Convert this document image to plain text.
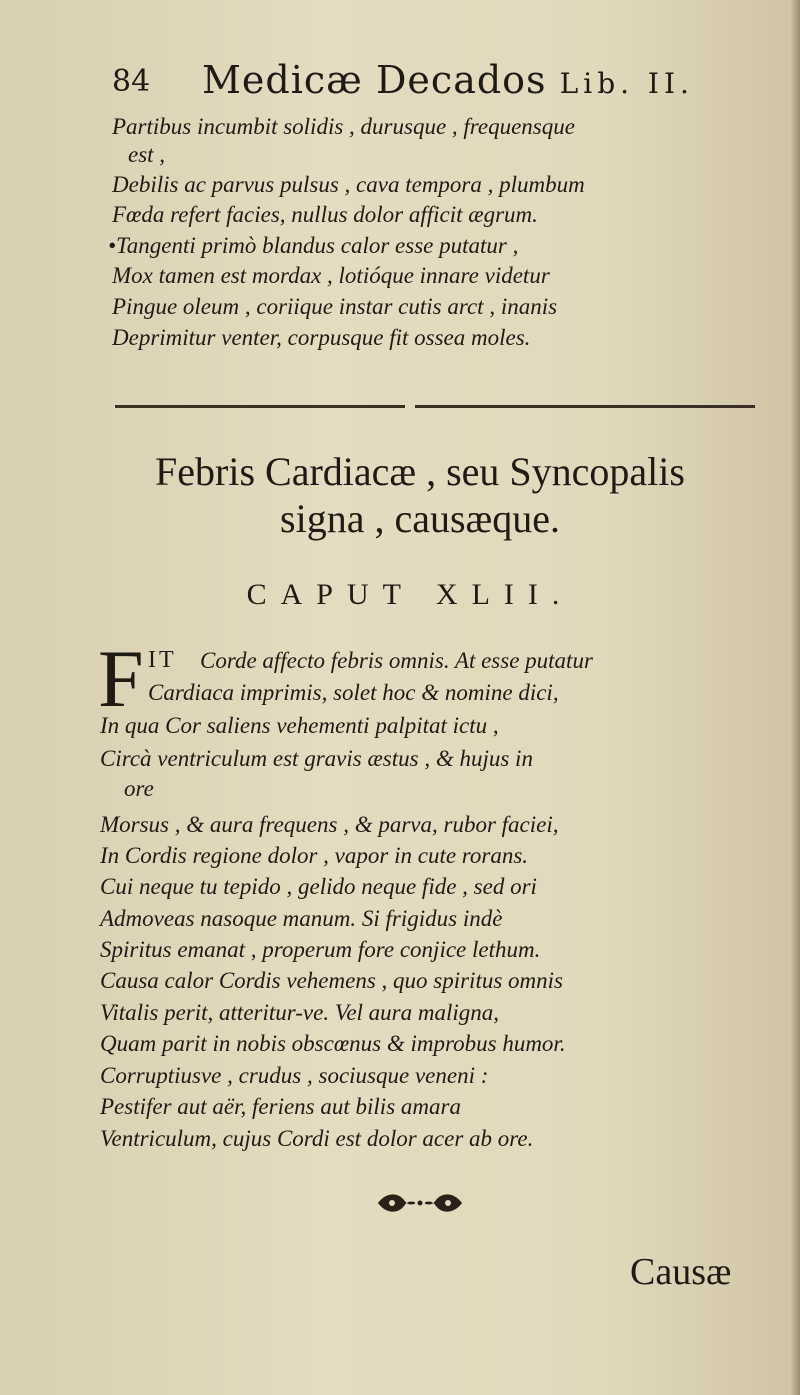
84 Medicæ Decados Lib. II.
Partibus incumbit solidis , durusque , frequensque
est ,
Debilis ac parvus pulsus , cava tempora , plumbum
Fœda refert facies, nullus dolor afficit ægrum.
•Tangenti primò blandus calor esse putatur ,
Mox tamen est mordax , lotióque innare videtur
Pingue oleum , coriique instar cutis arct , inanis
Deprimitur venter, corpusque fit ossea moles.
Febris Cardiacæ , seu Syncopalis
signa , causæque.
CAPUT XLII.
F IT Corde affecto febris omnis. At esse putatur
Cardiaca imprimis, solet hoc & nomine dici,
In qua Cor saliens vehementi palpitat ictu ,
Circà ventriculum est gravis æstus , & hujus in
ore
Morsus , & aura frequens , & parva, rubor faciei,
In Cordis regione dolor , vapor in cute rorans.
Cui neque tu tepido , gelido neque fide , sed ori
Admoveas nasoque manum. Si frigidus indè
Spiritus emanat , properum fore conjice lethum.
Causa calor Cordis vehemens , quo spiritus omnis
Vitalis perit, atteritur-ve. Vel aura maligna,
Quam parit in nobis obscœnus & improbus humor.
Corruptiusve , crudus , sociusque veneni :
Pestifer aut aër, feriens aut bilis amara
Ventriculum, cujus Cordi est dolor acer ab ore.
Causæ
